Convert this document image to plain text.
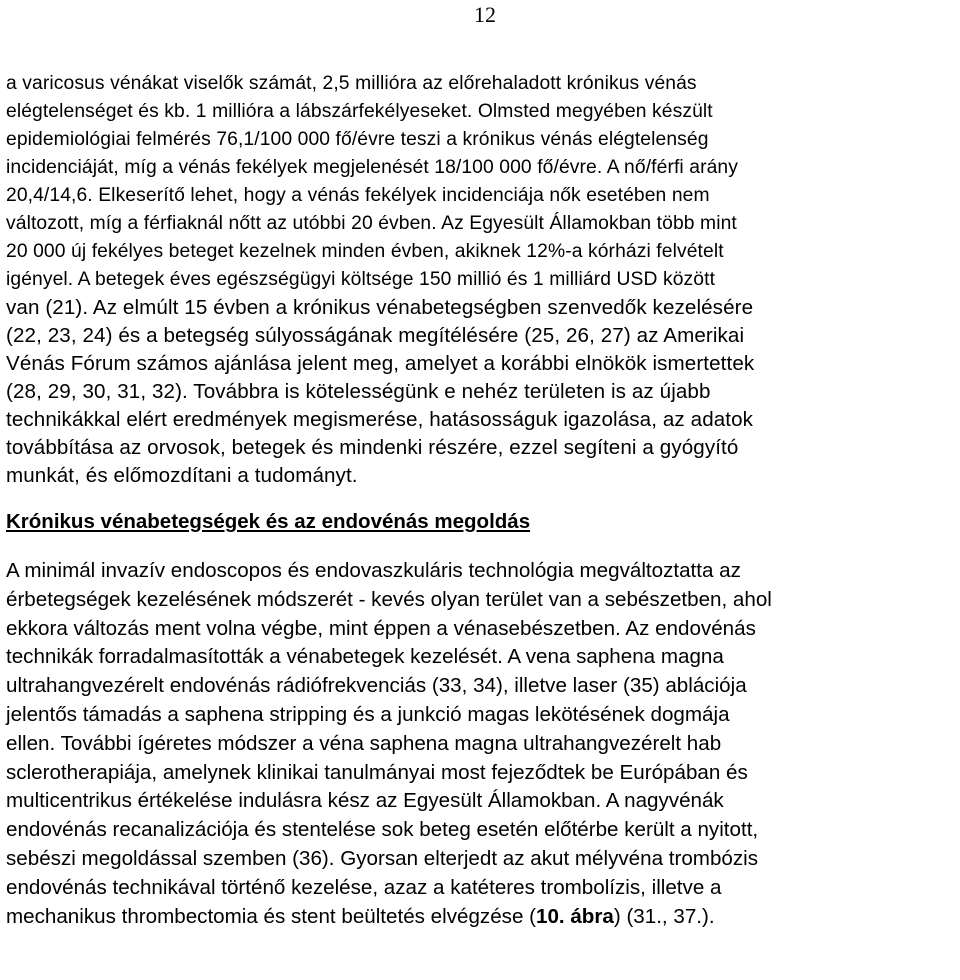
12
a varicosus vénákat viselők számát, 2,5 millióra az előrehaladott krónikus vénás
elégtelenséget és kb. 1 millióra a lábszárfekélyeseket. Olmsted megyében készült
epidemiológiai felmérés 76,1/100 000 fő/évre teszi a krónikus vénás elégtelenség
incidenciáját, míg a vénás fekélyek megjelenését 18/100 000 fő/évre. A nő/férfi arány
20,4/14,6. Elkeserítő lehet, hogy a vénás fekélyek incidenciája nők esetében nem
változott, míg a férfiaknál nőtt az utóbbi 20 évben. Az Egyesült Államokban több mint
20 000 új fekélyes beteget kezelnek minden évben, akiknek 12%-a kórházi felvételt
igényel. A betegek éves egészségügyi költsége 150 millió és 1 milliárd USD között
van (21). Az elmúlt 15 évben a krónikus vénabetegségben szenvedők kezelésére
(22, 23, 24) és a betegség súlyosságának megítélésére (25, 26, 27) az Amerikai
Vénás Fórum számos ajánlása jelent meg, amelyet a korábbi elnökök ismertettek
(28, 29, 30, 31, 32). Továbbra is kötelességünk e nehéz területen is az újabb
technikákkal elért eredmények megismerése, hatásosságuk igazolása, az adatok
továbbítása az orvosok, betegek és mindenki részére, ezzel segíteni a gyógyító
munkát, és előmozdítani a tudományt.
Krónikus vénabetegségek és az endovénás megoldás
A minimál invazív endoscopos és endovaszkuláris technológia megváltoztatta az
érbetegségek kezelésének módszerét - kevés olyan terület van a sebészetben, ahol
ekkora változás ment volna végbe, mint éppen a vénasebészetben. Az endovénás
technikák forradalmasították a vénabetegek kezelését. A vena saphena magna
ultrahangvezérelt endovénás rádiófrekvenciás (33, 34), illetve laser (35) ablációja
jelentős támadás a saphena stripping és a junkció magas lekötésének dogmája
ellen. További ígéretes módszer a véna saphena magna ultrahangvezérelt hab
sclerotherapiája, amelynek klinikai tanulmányai most fejeződtek be Európában és
multicentrikus értékelése indulásra kész az Egyesült Államokban. A nagyvénák
endovénás recanalizációja és stentelése sok beteg esetén előtérbe került a nyitott,
sebészi megoldással szemben (36). Gyorsan elterjedt az akut mélyvéna trombózis
endovénás technikával történő kezelése, azaz a katéteres trombolízis, illetve a
mechanikus thrombectomia és stent beültetés elvégzése (10. ábra) (31., 37.).
